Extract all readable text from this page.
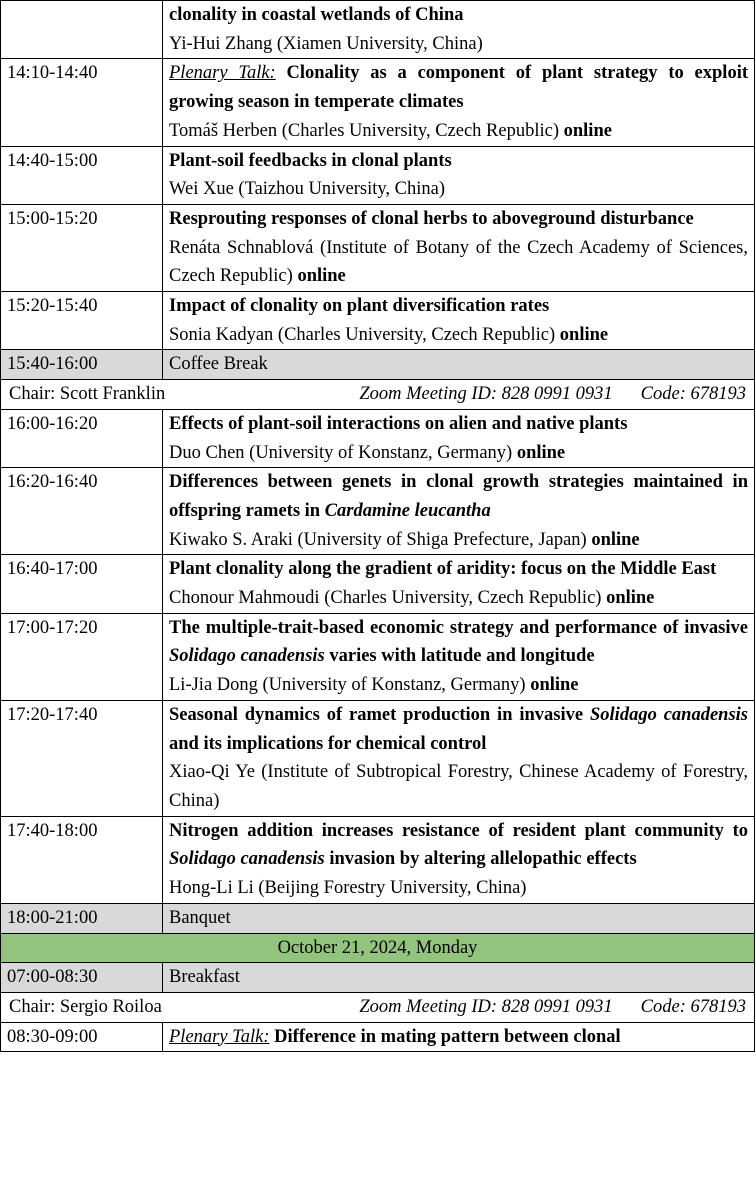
	clonality in coastal wetlands of China
Yi-Hui Zhang (Xiamen University, China)

14:10-14:40	Plenary Talk: Clonality as a component of plant strategy to exploit growing season in temperate climates
Tomáš Herben (Charles University, Czech Republic) online

14:40-15:00	Plant-soil feedbacks in clonal plants
Wei Xue (Taizhou University, China)

15:00-15:20	Resprouting responses of clonal herbs to aboveground disturbance
Renáta Schnablová (Institute of Botany of the Czech Academy of Sciences, Czech Republic) online

15:20-15:40	Impact of clonality on plant diversification rates
Sonia Kadyan (Charles University, Czech Republic) online

15:40-16:00	Coffee Break

Chair: Scott Franklin Zoom Meeting ID: 828 0991 0931 Code: 678193	

16:00-16:20	Effects of plant-soil interactions on alien and native plants
Duo Chen (University of Konstanz, Germany) online

16:20-16:40	Differences between genets in clonal growth strategies maintained in offspring ramets in Cardamine leucantha
Kiwako S. Araki (University of Shiga Prefecture, Japan) online

16:40-17:00	Plant clonality along the gradient of aridity: focus on the Middle East
Chonour Mahmoudi (Charles University, Czech Republic) online

17:00-17:20	The multiple-trait-based economic strategy and performance of invasive Solidago canadensis varies with latitude and longitude
Li-Jia Dong (University of Konstanz, Germany) online

17:20-17:40	Seasonal dynamics of ramet production in invasive Solidago canadensis and its implications for chemical control
Xiao-Qi Ye (Institute of Subtropical Forestry, Chinese Academy of Forestry, China)

17:40-18:00	Nitrogen addition increases resistance of resident plant community to Solidago canadensis invasion by altering allelopathic effects
Hong-Li Li (Beijing Forestry University, China)

18:00-21:00	Banquet
October 21, 2024, Monday	
07:00-08:30	Breakfast

Chair: Sergio Roiloa Zoom Meeting ID: 828 0991 0931 Code: 678193	

08:30-09:00	Plenary Talk: Difference in mating pattern between clonal
